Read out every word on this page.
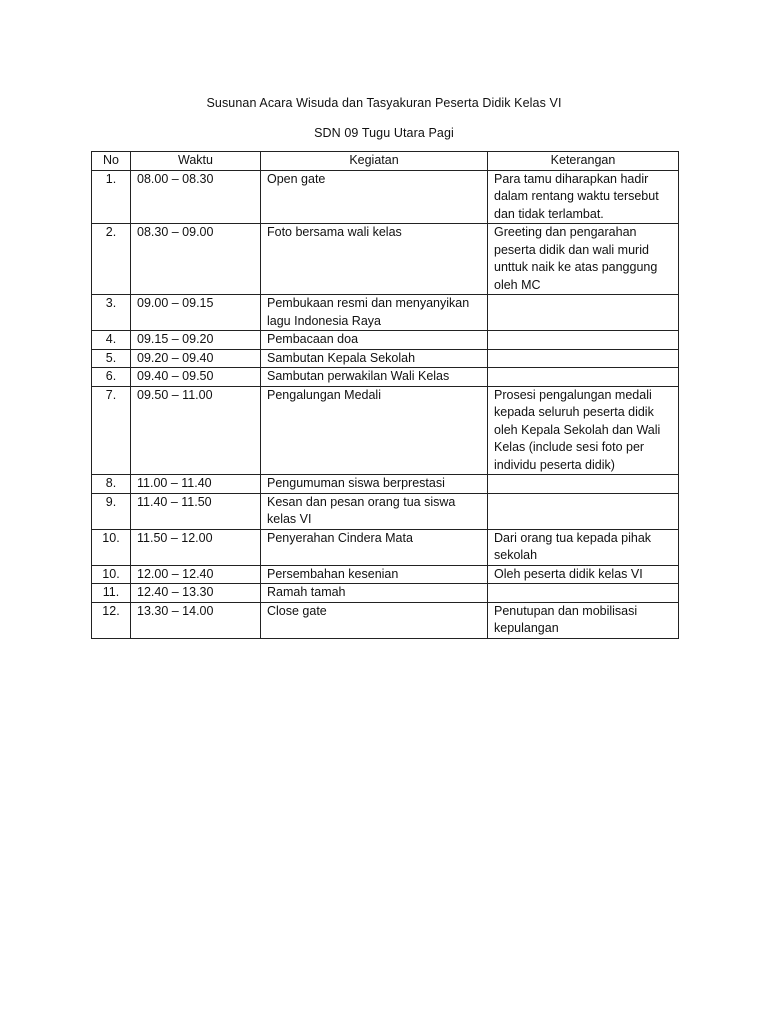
Susunan Acara Wisuda dan Tasyakuran Peserta Didik Kelas VI
SDN 09 Tugu Utara Pagi
No	Waktu	Kegiatan	Keterangan
1.	08.00 – 08.30	Open gate	Para tamu diharapkan hadir dalam rentang waktu tersebut dan tidak terlambat.
2.	08.30 – 09.00	Foto bersama wali kelas	Greeting dan pengarahan peserta didik dan wali murid unttuk naik ke atas panggung oleh MC
3.	09.00 – 09.15	Pembukaan resmi dan menyanyikan lagu Indonesia Raya	
4.	09.15 – 09.20	Pembacaan doa	
5.	09.20 – 09.40	Sambutan Kepala Sekolah	
6.	09.40 – 09.50	Sambutan perwakilan Wali Kelas	
7.	09.50 – 11.00	Pengalungan Medali	Prosesi pengalungan medali kepada seluruh peserta didik oleh Kepala Sekolah dan Wali Kelas (include sesi foto per individu peserta didik)
8.	11.00 – 11.40	Pengumuman siswa berprestasi	
9.	11.40 – 11.50	Kesan dan pesan orang tua siswa kelas VI	
10.	11.50 – 12.00	Penyerahan Cindera Mata	Dari orang tua kepada pihak sekolah
10.	12.00 – 12.40	Persembahan kesenian	Oleh peserta didik kelas VI
11.	12.40 – 13.30	Ramah tamah	
12.	13.30 – 14.00	Close gate	Penutupan dan mobilisasi kepulangan
